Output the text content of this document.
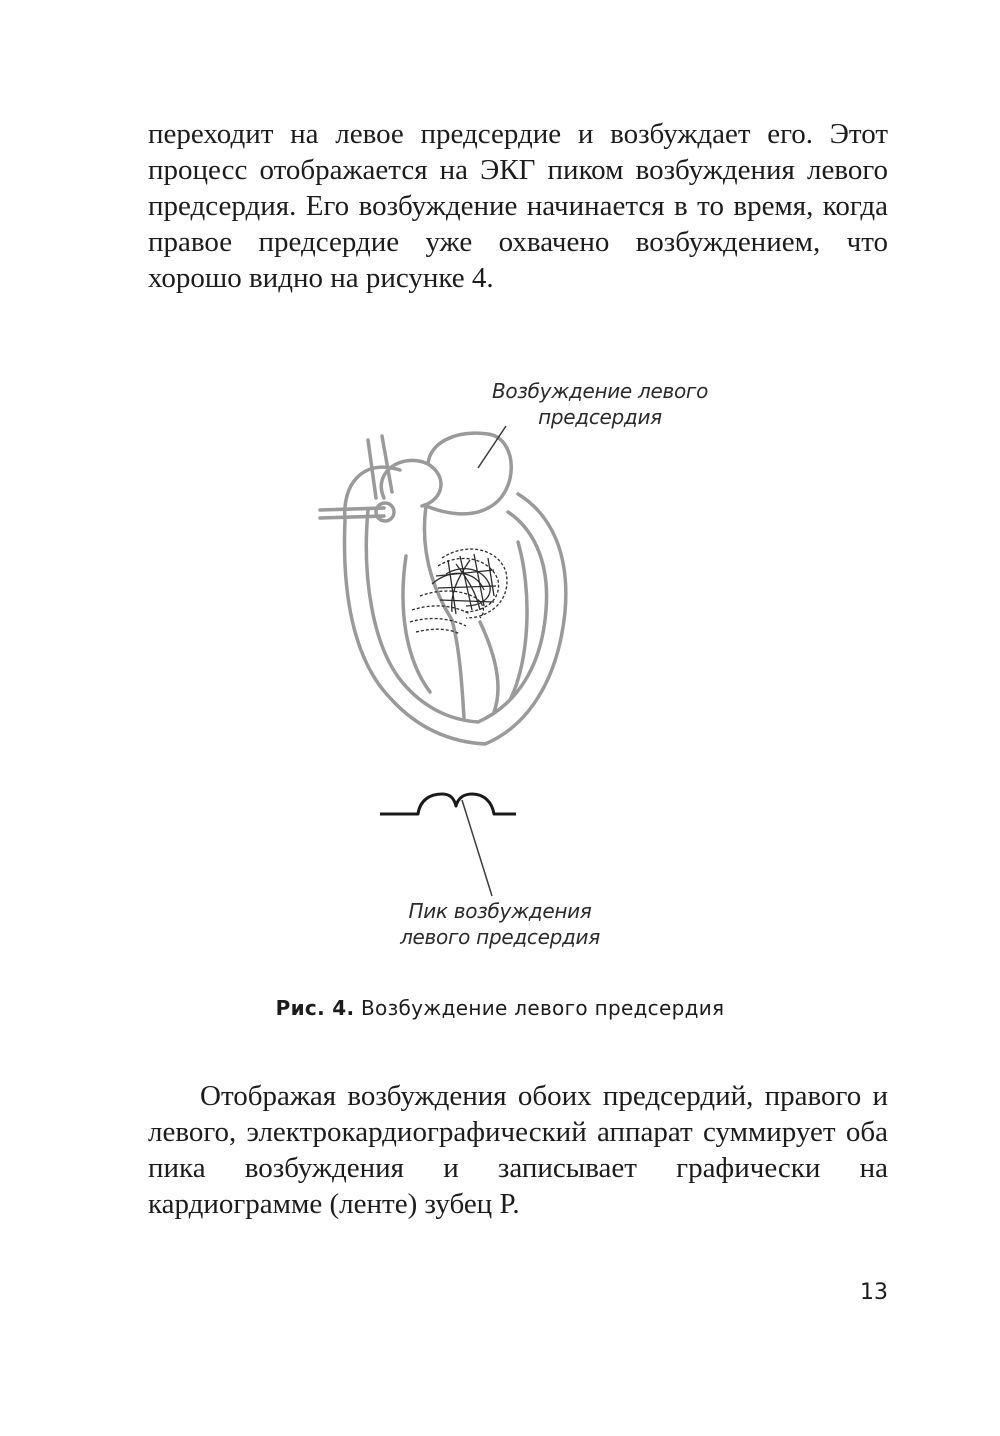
переходит на левое предсердие и возбуждает его. Этот процесс отображается на ЭКГ пиком возбуждения левого предсердия. Его возбуждение начинается в то время, когда правое предсердие уже охвачено возбуждением, что хорошо видно на рисунке 4.

Возбуждение левого предсердия
Пик возбуждения левого предсердия
Рис. 4. Возбуждение левого предсердия

Отображая возбуждения обоих предсердий, правого и левого, электрокардиографический аппарат суммирует оба пика возбуждения и записывает графически на кардиограмме (ленте) зубец P.

13
